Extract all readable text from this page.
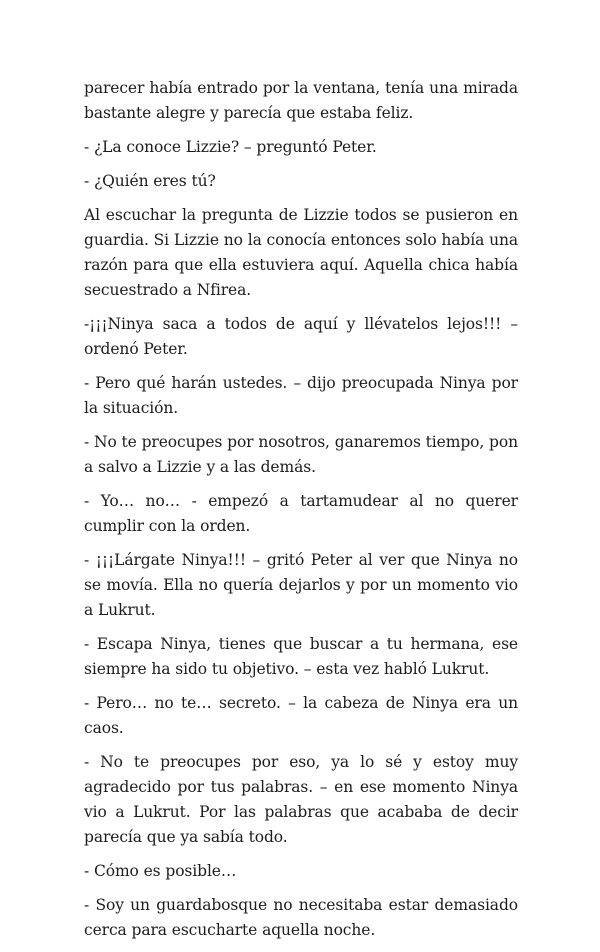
parecer había entrado por la ventana, tenía una mirada bastante alegre y parecía que estaba feliz.

- ¿La conoce Lizzie? – preguntó Peter.

- ¿Quién eres tú?

Al escuchar la pregunta de Lizzie todos se pusieron en guardia. Si Lizzie no la conocía entonces solo había una razón para que ella estuviera aquí. Aquella chica había secuestrado a Nfirea.

-¡¡¡Ninya saca a todos de aquí y llévatelos lejos!!! – ordenó Peter.

- Pero qué harán ustedes. – dijo preocupada Ninya por la situación.

- No te preocupes por nosotros, ganaremos tiempo, pon a salvo a Lizzie y a las demás.

- Yo… no… - empezó a tartamudear al no querer cumplir con la orden.

- ¡¡¡Lárgate Ninya!!! – gritó Peter al ver que Ninya no se movía. Ella no quería dejarlos y por un momento vio a Lukrut.

- Escapa Ninya, tienes que buscar a tu hermana, ese siempre ha sido tu objetivo. – esta vez habló Lukrut.

- Pero… no te… secreto. – la cabeza de Ninya era un caos.

- No te preocupes por eso, ya lo sé y estoy muy agradecido por tus palabras. – en ese momento Ninya vio a Lukrut. Por las palabras que acababa de decir parecía que ya sabía todo.

- Cómo es posible…

- Soy un guardabosque no necesitaba estar demasiado cerca para escucharte aquella noche.
